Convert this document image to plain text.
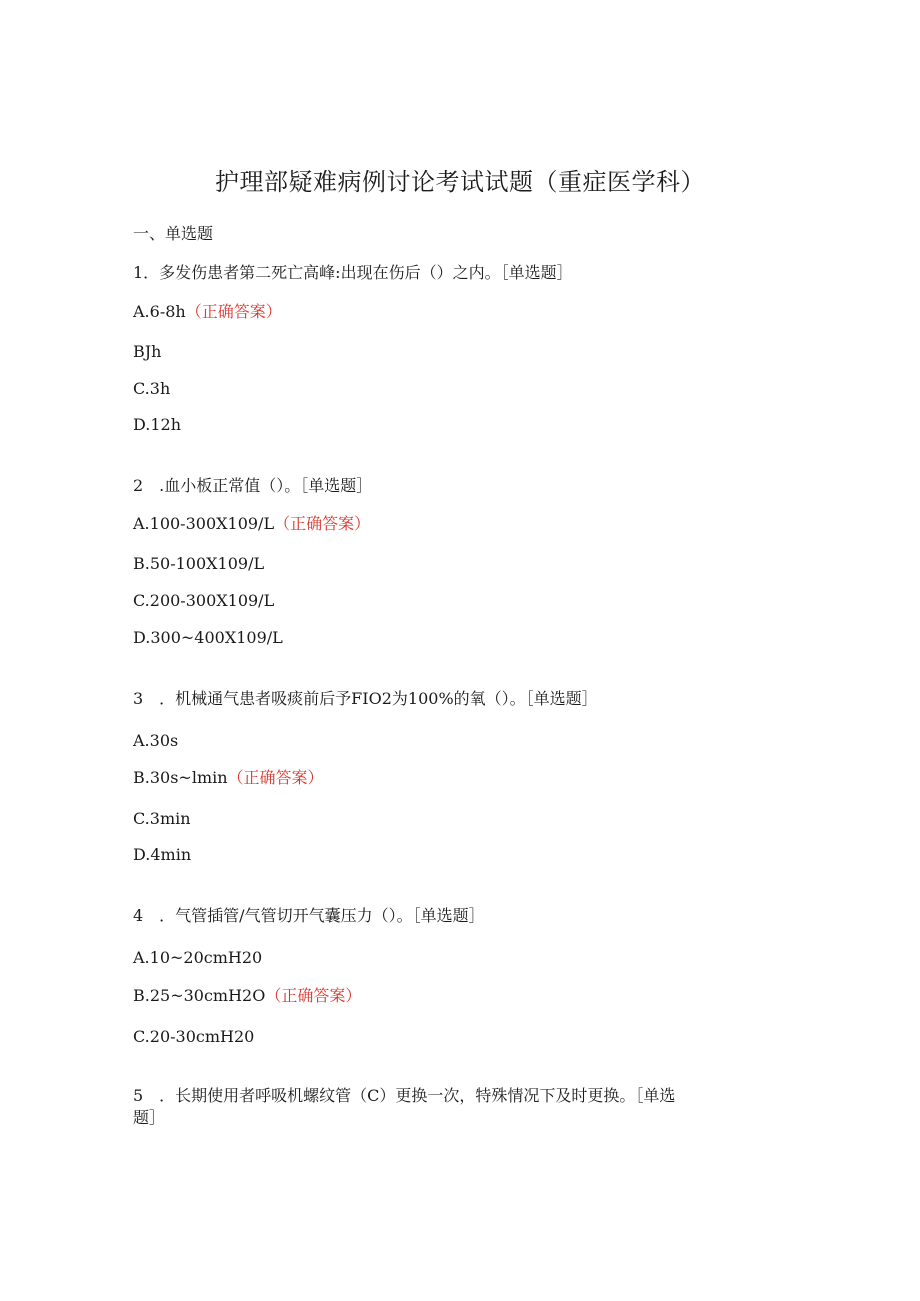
护理部疑难病例讨论考试试题（重症医学科）
一、单选题
1．多发伤患者第二死亡高峰:出现在伤后（）之内。［单选题］
A.6-8h（正确答案）
BJh
C.3h
D.12h
2　.血小板正常值（）。［单选题］
A.100-300X109/L（正确答案）
B.50-100X109/L
C.200-300X109/L
D.300~400X109/L
3　．机械通气患者吸痰前后予FIO2为100%的氧（）。［单选题］
A.30s
B.30s~lmin（正确答案）
C.3min
D.4min
4　．气管插管/气管切开气囊压力（）。［单选题］
A.10~20cmH20
B.25~30cmH2O（正确答案）
C.20-30cmH20
5　．长期使用者呼吸机螺纹管（C）更换一次，特殊情况下及时更换。［单选题］
